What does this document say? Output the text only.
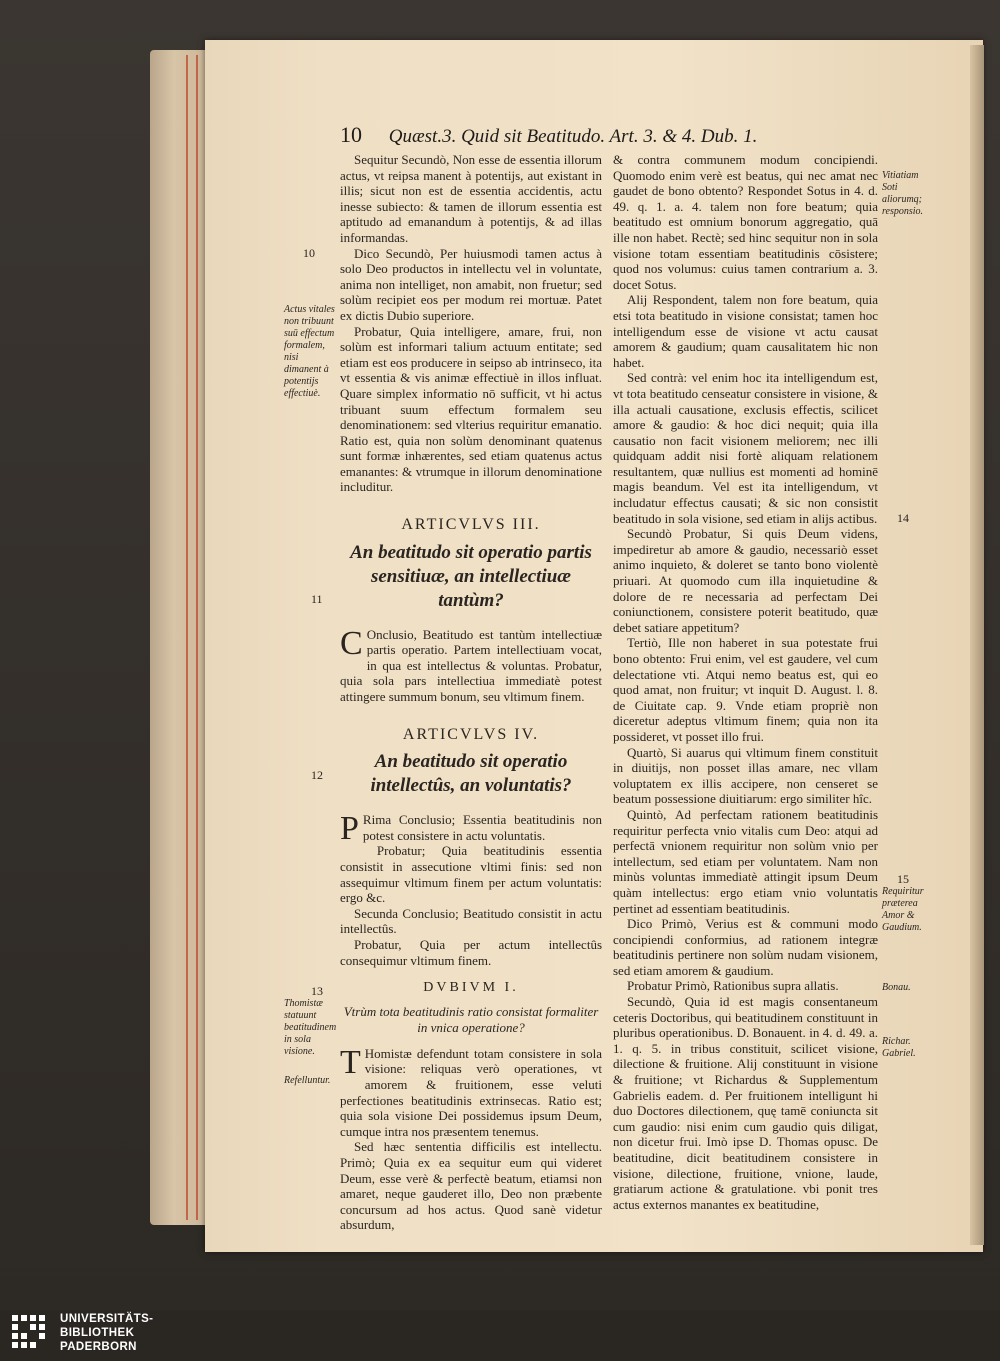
10 Quæst.3. Quid sit Beatitudo. Art. 3. & 4. Dub. 1.

Sequitur Secundò, Non esse de essentia illorum actus, vt reipsa manent à potentijs, aut existant in illis; sicut non est de essentia accidentis, actu inesse subiecto: & tamen de illorum essentia est aptitudo ad emanandum à potentijs, & ad illas informandas.

Dico Secundò, Per huiusmodi tamen actus à solo Deo productos in intellectu vel in voluntate, anima non intelliget, non amabit, non fruetur; sed solùm recipiet eos per modum rei mortuæ. Patet ex dictis Dubio superiore.

Probatur, Quia intelligere, amare, frui, non solùm est informari talium actuum entitate; sed etiam est eos producere in seipso ab intrinseco, ita vt essentia & vis animæ effectiuè in illos influat. Quare simplex informatio nō sufficit, vt hi actus tribuant suum effectum formalem seu denominationem: sed vlterius requiritur emanatio. Ratio est, quia non solùm denominant quatenus sunt formæ inhærentes, sed etiam quatenus actus emanantes: & vtrumque in illorum denominatione includitur.

ARTICVLVS III.
An beatitudo sit operatio partis sensitiuæ, an intellectiuæ tantùm?

C Onclusio, Beatitudo est tantùm intellectiuæ partis operatio. Partem intellectiuam vocat, in qua est intellectus & voluntas. Probatur, quia sola pars intellectiua immediatè potest attingere summum bonum, seu vltimum finem.

ARTICVLVS IV.
An beatitudo sit operatio intellectûs, an voluntatis?

P Rima Conclusio; Essentia beatitudinis non potest consistere in actu voluntatis.

Probatur; Quia beatitudinis essentia consistit in assecutione vltimi finis: sed non assequimur vltimum finem per actum voluntatis: ergo &c.

Secunda Conclusio; Beatitudo consistit in actu intellectûs.

Probatur, Quia per actum intellectûs consequimur vltimum finem.

DVBIVM I.
Vtrùm tota beatitudinis ratio consistat formaliter in vnica operatione?

T Homistæ defendunt totam consistere in sola visione: reliquas verò operationes, vt amorem & fruitionem, esse veluti perfectiones beatitudinis extrinsecas. Ratio est; quia sola visione Dei possidemus ipsum Deum, cumque intra nos præsentem tenemus.

Sed hæc sententia difficilis est intellectu. Primò; Quia ex ea sequitur eum qui videret Deum, esse verè & perfectè beatum, etiamsi non amaret, neque gauderet illo, Deo non præbente concursum ad hos actus. Quod sanè videtur absurdum,

& contra communem modum concipiendi. Quomodo enim verè est beatus, qui nec amat nec gaudet de bono obtento? Respondet Sotus in 4. d. 49. q. 1. a. 4. talem non fore beatum; quia beatitudo est omnium bonorum aggregatio, quā ille non habet. Rectè; sed hinc sequitur non in sola visione totam essentiam beatitudinis cōsistere; quod nos volumus: cuius tamen contrarium a. 3. docet Sotus.

Alij Respondent, talem non fore beatum, quia etsi tota beatitudo in visione consistat; tamen hoc intelligendum esse de visione vt actu causat amorem & gaudium; quam causalitatem hic non habet.

Sed contrà: vel enim hoc ita intelligendum est, vt tota beatitudo censeatur consistere in visione, & illa actuali causatione, exclusis effectis, scilicet amore & gaudio: & hoc dici nequit; quia illa causatio non facit visionem meliorem; nec illi quidquam addit nisi fortè aliquam relationem resultantem, quæ nullius est momenti ad hominē magis beandum. Vel est ita intelligendum, vt includatur effectus causati; & sic non consistit beatitudo in sola visione, sed etiam in alijs actibus.

Secundò Probatur, Si quis Deum videns, impediretur ab amore & gaudio, necessariò esset animo inquieto, & doleret se tanto bono violentè priuari. At quomodo cum illa inquietudine & dolore de re necessaria ad perfectam Dei coniunctionem, consistere poterit beatitudo, quæ debet satiare appetitum?

Tertiò, Ille non haberet in sua potestate frui bono obtento: Frui enim, vel est gaudere, vel cum delectatione vti. Atqui nemo beatus est, qui eo quod amat, non fruitur; vt inquit D. August. l. 8. de Ciuitate cap. 9. Vnde etiam propriè non diceretur adeptus vltimum finem; quia non ita possideret, vt posset illo frui.

Quartò, Si auarus qui vltimum finem constituit in diuitijs, non posset illas amare, nec vllam voluptatem ex illis accipere, non censeret se beatum possessione diuitiarum: ergo similiter hîc.

Quintò, Ad perfectam rationem beatitudinis requiritur perfecta vnio vitalis cum Deo: atqui ad perfectā vnionem requiritur non solùm vnio per intellectum, sed etiam per voluntatem. Nam non minùs voluntas immediatè attingit ipsum Deum quàm intellectus: ergo etiam vnio voluntatis pertinet ad essentiam beatitudinis.

Dico Primò, Verius est & communi modo concipiendi conformius, ad rationem integræ beatitudinis pertinere non solùm nudam visionem, sed etiam amorem & gaudium.

Probatur Primò, Rationibus supra allatis.

Secundò, Quia id est magis consentaneum ceteris Doctoribus, qui beatitudinem constituunt in pluribus operationibus. D. Bonauent. in 4. d. 49. a. 1. q. 5. in tribus constituit, scilicet visione, dilectione & fruitione. Alij constituunt in visione & fruitione; vt Richardus & Supplementum Gabrielis eadem. d. Per fruitionem intelligunt hi duo Doctores dilectionem, quę tamē coniuncta sit cum gaudio: nisi enim cum gaudio quis diligat, non dicetur frui. Imò ipse D. Thomas opusc. De beatitudine, dicit beatitudinem consistere in visione, dilectione, fruitione, vnione, laude, gratiarum actione & gratulatione. vbi ponit tres actus externos manantes ex beatitudine,

10
Actus vitales non tribuunt suū effectum formalem, nisi dimanent à potentijs effectiuè.
11
12
13
Thomistæ statuunt beatitudinem in sola visione.
Refelluntur.
Vitiatiam Soti aliorumq; responsio.
14
15
Requiritur præterea Amor & Gaudium.
Bonau.
Richar. Gabriel.
UNIVERSITÄTS-
BIBLIOTHEK
PADERBORN
